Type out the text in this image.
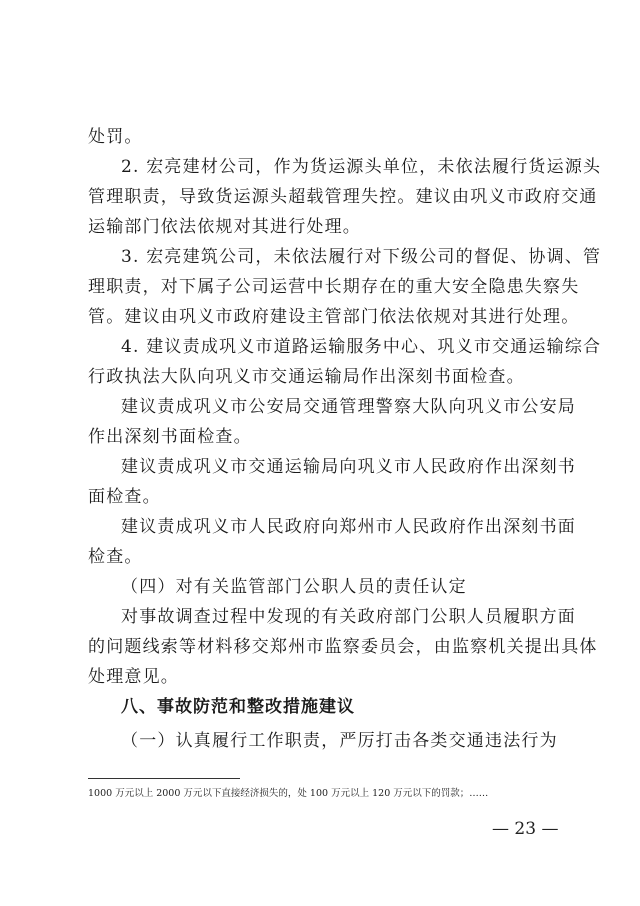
处罚。
2. 宏亮建材公司，作为货运源头单位，未依法履行货运源头
管理职责，导致货运源头超载管理失控。建议由巩义市政府交通
运输部门依法依规对其进行处理。
3. 宏亮建筑公司，未依法履行对下级公司的督促、协调、管
理职责，对下属子公司运营中长期存在的重大安全隐患失察失
管。建议由巩义市政府建设主管部门依法依规对其进行处理。
4. 建议责成巩义市道路运输服务中心、巩义市交通运输综合
行政执法大队向巩义市交通运输局作出深刻书面检查。
建议责成巩义市公安局交通管理警察大队向巩义市公安局
作出深刻书面检查。
建议责成巩义市交通运输局向巩义市人民政府作出深刻书
面检查。
建议责成巩义市人民政府向郑州市人民政府作出深刻书面
检查。
（四）对有关监管部门公职人员的责任认定
对事故调查过程中发现的有关政府部门公职人员履职方面
的问题线索等材料移交郑州市监察委员会，由监察机关提出具体
处理意见。
八、事故防范和整改措施建议
（一）认真履行工作职责，严厉打击各类交通违法行为
1000 万元以上 2000 万元以下直接经济损失的，处 100 万元以上 120 万元以下的罚款；……
— 23 —
